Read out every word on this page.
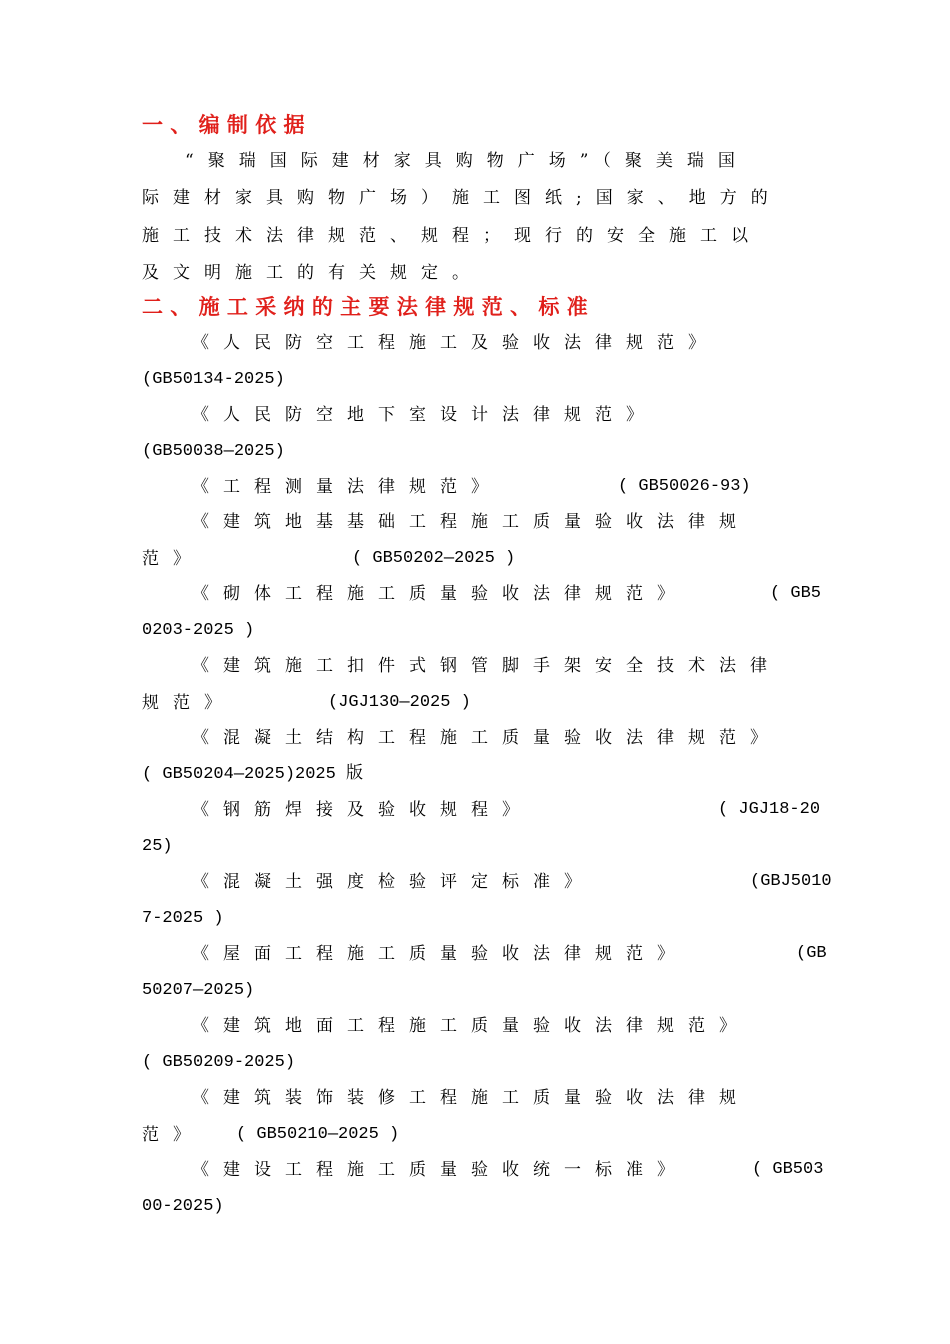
一 、 编 制 依 据
“聚瑞国际建材家具购物广场”（聚美瑞国
际建材家具购物广场）施工图纸;国家、地方的
施工技术法律规范、规程；现行的安全施工以
及文明施工的有关规定。
二 、 施 工 采 纳 的 主 要 法 律 规 范 、 标 准
《人民防空工程施工及验收法律规范》
(GB50134-2025)
《人民防空地下室设计法律规范》
(GB50038—2025)
《工程测量法律规范》	( GB50026-93)
《建筑地基基础工程施工质量验收法律规
范》	( GB50202—2025 )
《砌体工程施工质量验收法律规范》	( GB5
0203-2025 )
《建筑施工扣件式钢管脚手架安全技术法律
规范》	(JGJ130—2025 )
《混凝土结构工程施工质量验收法律规范》
( GB50204—2025)2025 版
《钢筋焊接及验收规程》	( JGJ18-20
25)
《混凝土强度检验评定标准》	(GBJ5010
7-2025 )
《屋面工程施工质量验收法律规范》	(GB
50207—2025)
《建筑地面工程施工质量验收法律规范》
( GB50209-2025)
《建筑装饰装修工程施工质量验收法律规
范》 ( GB50210—2025 )
《建设工程施工质量验收统一标准》	( GB503
00-2025)
